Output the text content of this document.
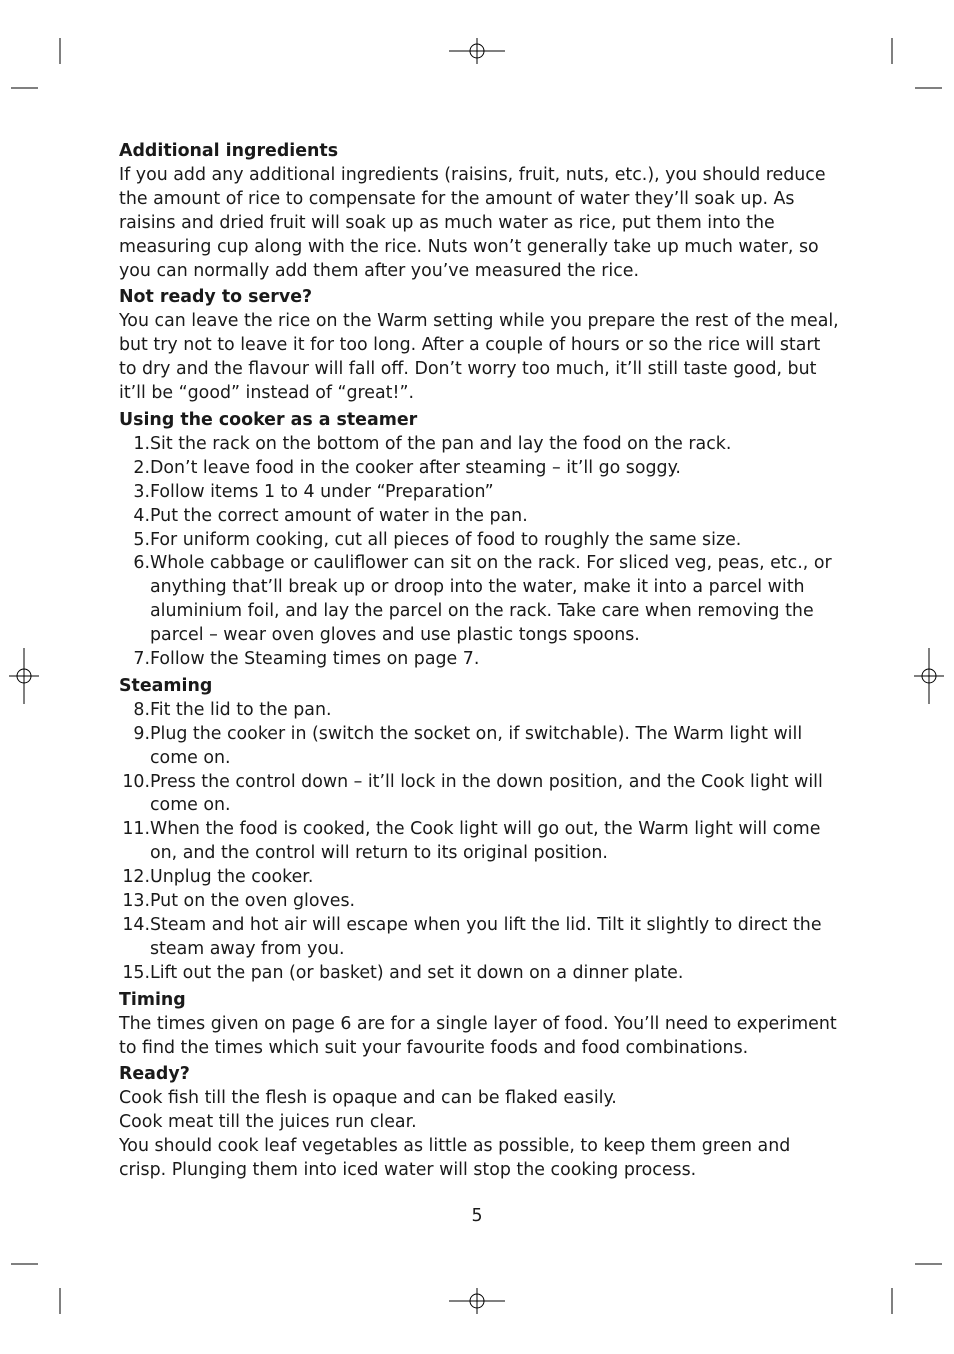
Additional ingredients

If you add any additional ingredients (raisins, fruit, nuts, etc.), you should reduce the amount of rice to compensate for the amount of water they’ll soak up. As raisins and dried fruit will soak up as much water as rice, put them into the measuring cup along with the rice. Nuts won’t generally take up much water, so you can normally add them after you’ve measured the rice.

Not ready to serve?

You can leave the rice on the Warm setting while you prepare the rest of the meal, but try not to leave it for too long. After a couple of hours or so the rice will start to dry and the flavour will fall off. Don’t worry too much, it’ll still taste good, but it’ll be “good” instead of “great!”.

Using the cooker as a steamer

1. Sit the rack on the bottom of the pan and lay the food on the rack.
2. Don’t leave food in the cooker after steaming – it’ll go soggy.
3. Follow items 1 to 4 under “Preparation”
4. Put the correct amount of water in the pan.
5. For uniform cooking, cut all pieces of food to roughly the same size.
6. Whole cabbage or cauliflower can sit on the rack. For sliced veg, peas, etc., or anything that’ll break up or droop into the water, make it into a parcel with aluminium foil, and lay the parcel on the rack. Take care when removing the parcel – wear oven gloves and use plastic tongs spoons.
7. Follow the Steaming times on page 7.

Steaming

8. Fit the lid to the pan.
9. Plug the cooker in (switch the socket on, if switchable). The Warm light will come on.
10. Press the control down – it’ll lock in the down position, and the Cook light will come on.
11. When the food is cooked, the Cook light will go out, the Warm light will come on, and the control will return to its original position.
12. Unplug the cooker.
13. Put on the oven gloves.
14. Steam and hot air will escape when you lift the lid. Tilt it slightly to direct the steam away from you.
15. Lift out the pan (or basket) and set it down on a dinner plate.

Timing

The times given on page 6 are for a single layer of food. You’ll need to experiment to find the times which suit your favourite foods and food combinations.

Ready?

Cook fish till the flesh is opaque and can be flaked easily.

Cook meat till the juices run clear.

You should cook leaf vegetables as little as possible, to keep them green and crisp. Plunging them into iced water will stop the cooking process.

5
